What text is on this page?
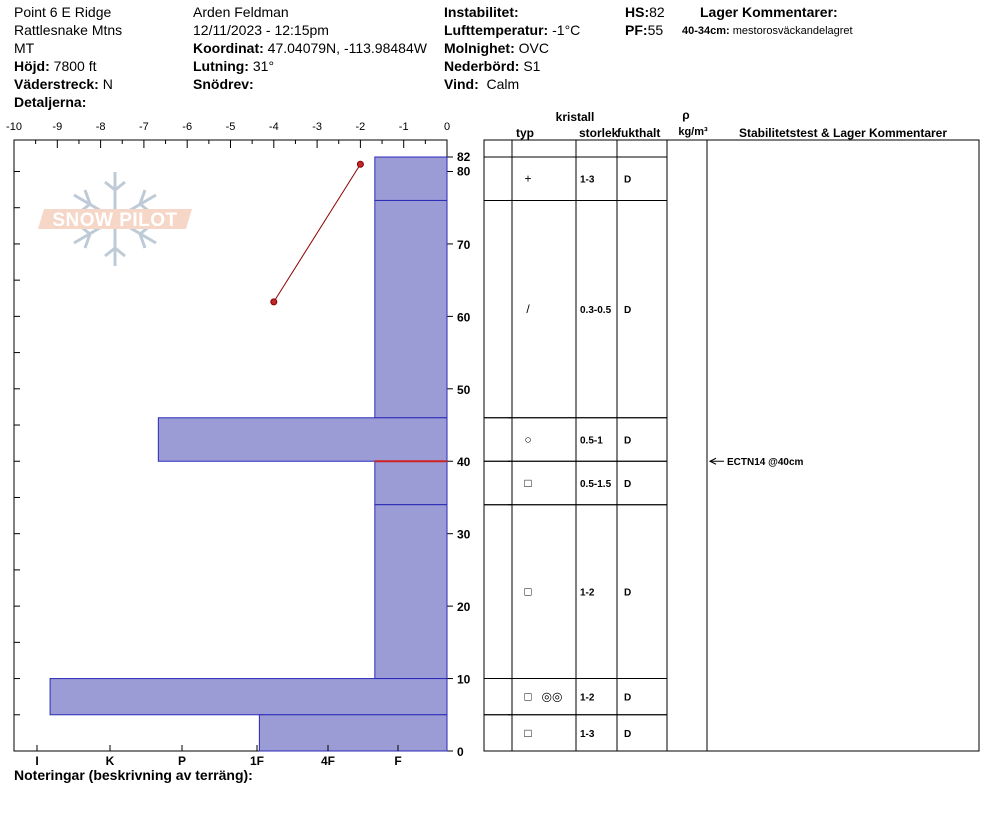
Point 6 E Ridge
Rattlesnake Mtns
MT
Höjd: 7800 ft
Väderstreck: N
Detaljerna:
Arden Feldman
12/11/2023 - 12:15pm
Koordinat: 47.04079N, -113.98484W
Lutning: 31°
Snödrev:
Instabilitet:
Lufttemperatur: -1°C
Molnighet: OVC
Nederbörd: S1
Vind: Calm
HS:82
PF:55
Lager Kommentarer:
40-34cm: mestorosväckandelagret
SNOW PILOT
-10	-9	-8	-7	-6	-5	-4	-3	-2	-1	0
0
10
20
30
40
50
60
70
80
82
I	K	P	1F	4F	F
kristall
typ	storlek
fukthalt
ρ
kg/m³	Stabilitetstest & Lager Kommentarer
+	1-3	D
/	0.3-0.5 D
○	0.5-1 D
□	0.5-1.5 D
□	1-2	D
□ ◎◎ 1-2	D
□	1-3	D
ECTN14 @40cm
Noteringar (beskrivning av terräng):
